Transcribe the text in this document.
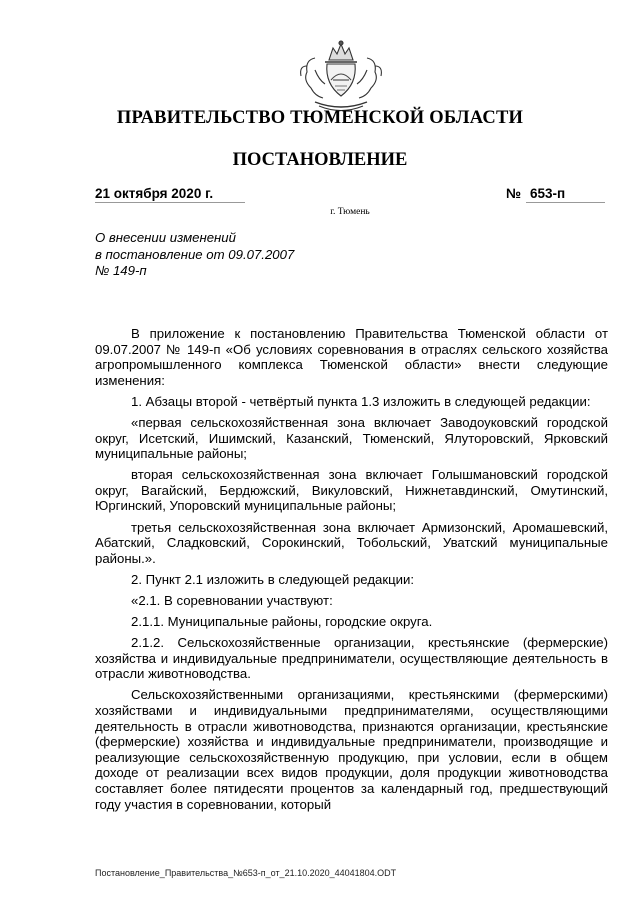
ПРАВИТЕЛЬСТВО ТЮМЕНСКОЙ ОБЛАСТИ
ПОСТАНОВЛЕНИЕ
21 октября 2020 г.	№ 653-п
г. Тюмень
О внесении изменений
в постановление от 09.07.2007
№ 149-п

В приложение к постановлению Правительства Тюменской области от 09.07.2007 № 149-п «Об условиях соревнования в отраслях сельского хозяйства агропромышленного комплекса Тюменской области» внести следующие изменения:

1. Абзацы второй - четвёртый пункта 1.3 изложить в следующей редакции:

«первая сельскохозяйственная зона включает Заводоуковский городской округ, Исетский, Ишимский, Казанский, Тюменский, Ялуторовский, Ярковский муниципальные районы;

вторая сельскохозяйственная зона включает Голышмановский городской округ, Вагайский, Бердюжский, Викуловский, Нижнетавдинский, Омутинский, Юргинский, Упоровский муниципальные районы;

третья сельскохозяйственная зона включает Армизонский, Аромашевский, Абатский, Сладковский, Сорокинский, Тобольский, Уватский муниципальные районы.».

2. Пункт 2.1 изложить в следующей редакции:

«2.1. В соревновании участвуют:

2.1.1. Муниципальные районы, городские округа.

2.1.2. Сельскохозяйственные организации, крестьянские (фермерские) хозяйства и индивидуальные предприниматели, осуществляющие деятельность в отрасли животноводства.

Сельскохозяйственными организациями, крестьянскими (фермерскими) хозяйствами и индивидуальными предпринимателями, осуществляющими деятельность в отрасли животноводства, признаются организации, крестьянские (фермерские) хозяйства и индивидуальные предприниматели, производящие и реализующие сельскохозяйственную продукцию, при условии, если в общем доходе от реализации всех видов продукции, доля продукции животноводства составляет более пятидесяти процентов за календарный год, предшествующий году участия в соревновании, который

Постановление_Правительства_№653-п_от_21.10.2020_44041804.ODT
